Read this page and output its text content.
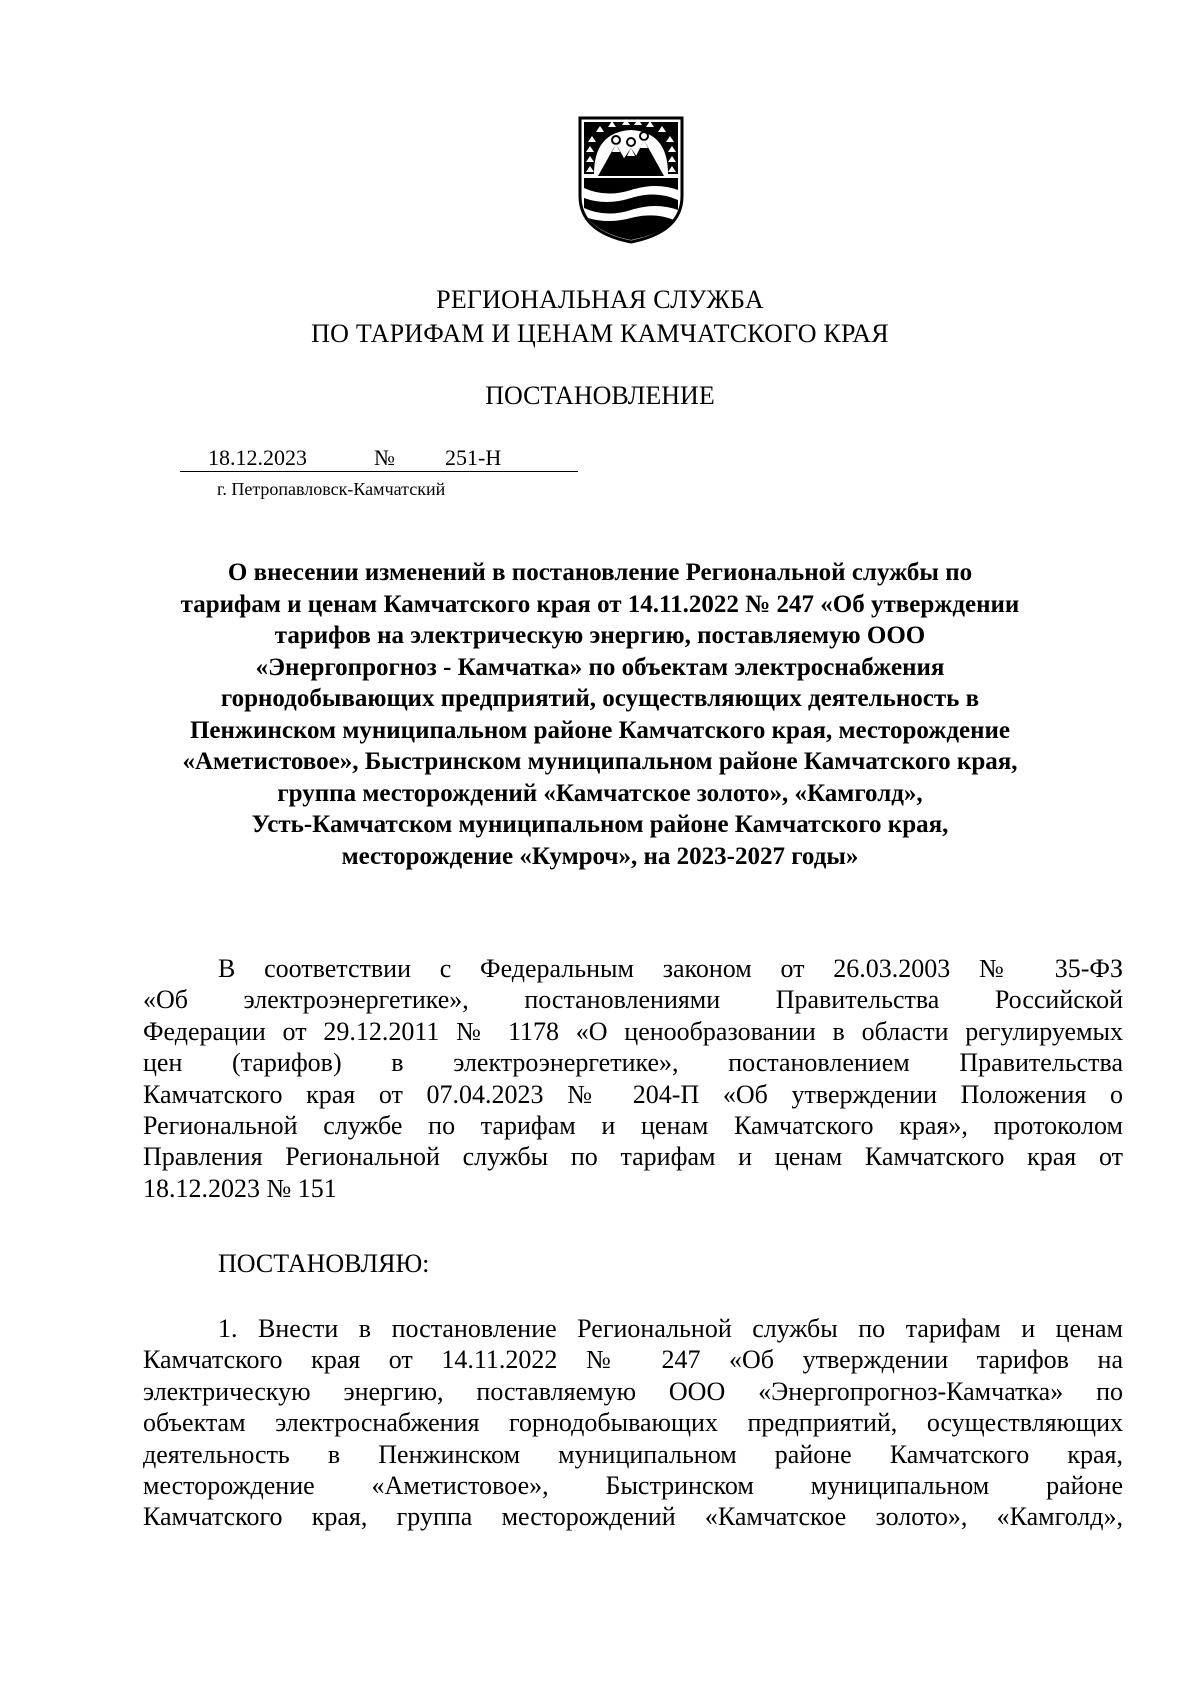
РЕГИОНАЛЬНАЯ СЛУЖБА
ПО ТАРИФАМ И ЦЕНАМ КАМЧАТСКОГО КРАЯ
ПОСТАНОВЛЕНИЕ
18.12.2023	№ 251-Н
г. Петропавловск-Камчатский
О внесении изменений в постановление Региональной службы по
тарифам и ценам Камчатского края от 14.11.2022 № 247 «Об утверждении
тарифов на электрическую энергию, поставляемую ООО
«Энергопрогноз - Камчатка» по объектам электроснабжения
горнодобывающих предприятий, осуществляющих деятельность в
Пенжинском муниципальном районе Камчатского края, месторождение
«Аметистовое», Быстринском муниципальном районе Камчатского края,
группа месторождений «Камчатское золото», «Камголд»,
Усть-Камчатском муниципальном районе Камчатского края,
месторождение «Кумроч», на 2023-2027 годы»
В соответствии с Федеральным законом от 26.03.2003 № 35-ФЗ
«Об электроэнергетике», постановлениями Правительства Российской
Федерации от 29.12.2011 № 1178 «О ценообразовании в области регулируемых
цен (тарифов) в электроэнергетике», постановлением Правительства
Камчатского края от 07.04.2023 № 204-П «Об утверждении Положения о
Региональной службе по тарифам и ценам Камчатского края», протоколом
Правления Региональной службы по тарифам и ценам Камчатского края от
18.12.2023 № 151
ПОСТАНОВЛЯЮ:
1. Внести в постановление Региональной службы по тарифам и ценам
Камчатского края от 14.11.2022 № 247 «Об утверждении тарифов на
электрическую энергию, поставляемую ООО «Энергопрогноз-Камчатка» по
объектам электроснабжения горнодобывающих предприятий, осуществляющих
деятельность в Пенжинском муниципальном районе Камчатского края,
месторождение «Аметистовое», Быстринском муниципальном районе
Камчатского края, группа месторождений «Камчатское золото», «Камголд»,
